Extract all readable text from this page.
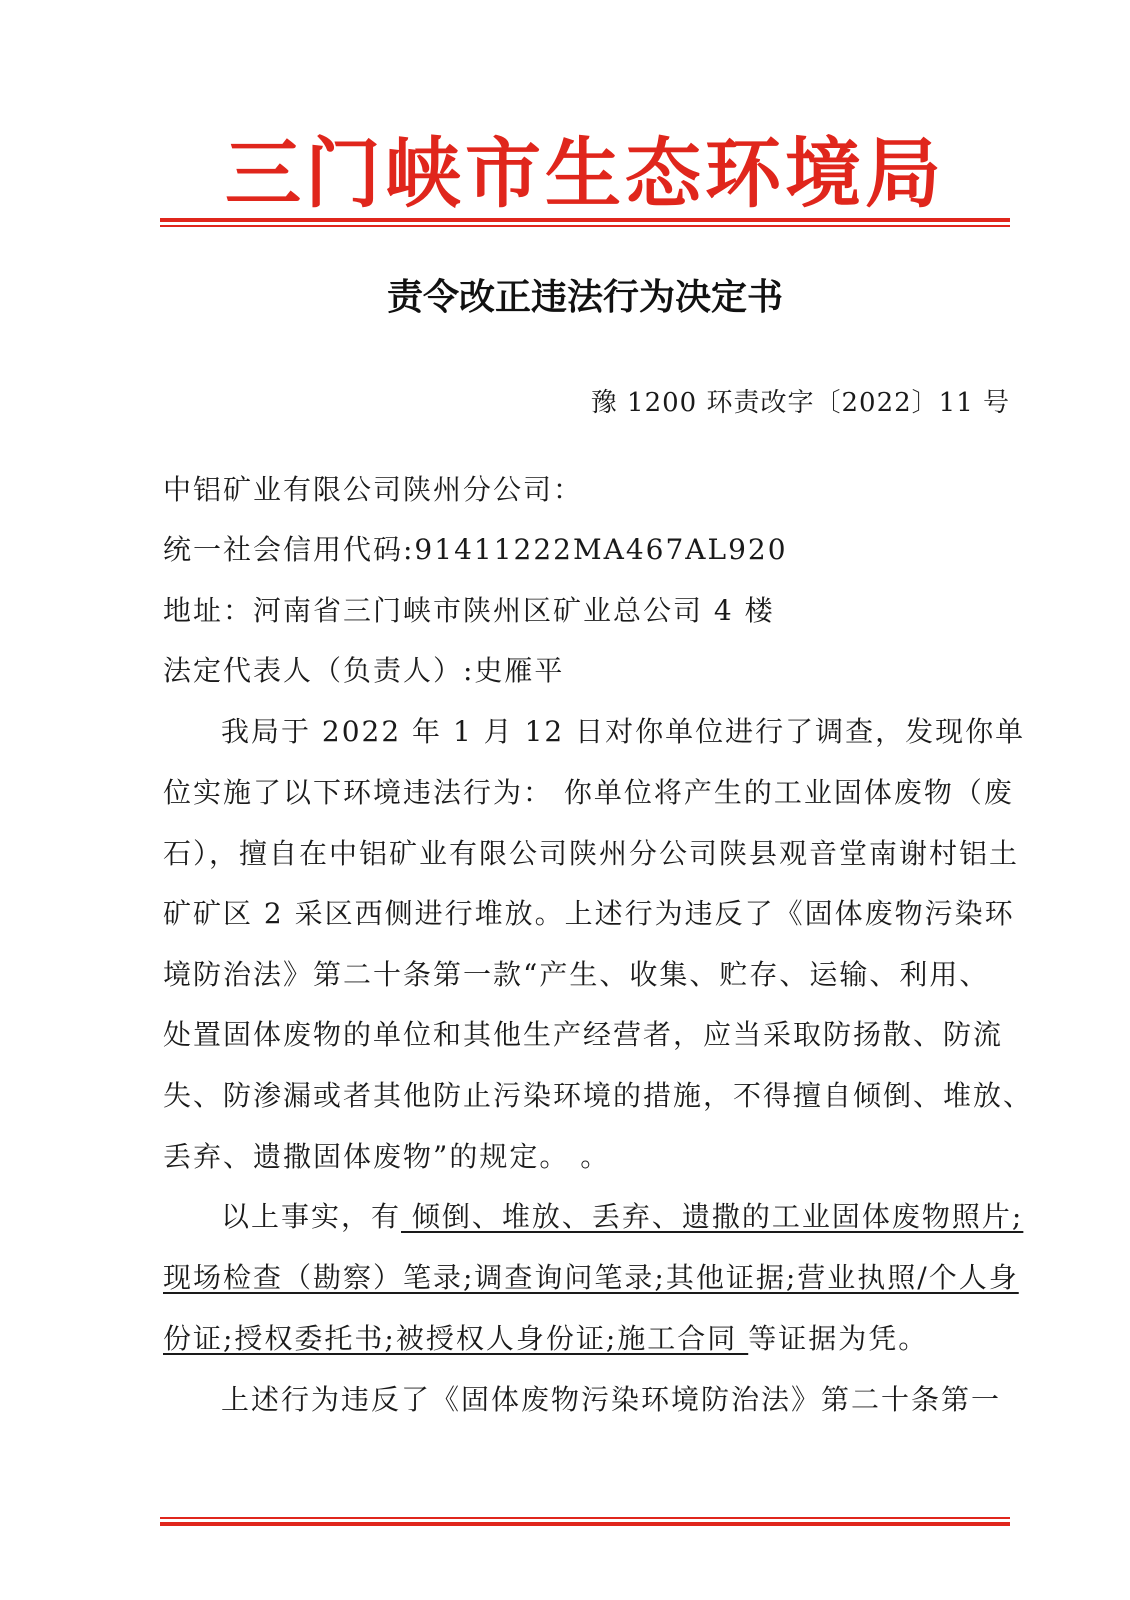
三门峡市生态环境局
责令改正违法行为决定书
豫 1200 环责改字〔2022〕11 号
中铝矿业有限公司陕州分公司：
统一社会信用代码:91411222MA467AL920
地址：河南省三门峡市陕州区矿业总公司 4 楼
法定代表人（负责人）:史雁平
我局于 2022 年 1 月 12 日对你单位进行了调查，发现你单
位实施了以下环境违法行为： 你单位将产生的工业固体废物（废
石），擅自在中铝矿业有限公司陕州分公司陕县观音堂南谢村铝土
矿矿区 2 采区西侧进行堆放。上述行为违反了《固体废物污染环
境防治法》第二十条第一款“产生、收集、贮存、运输、利用、
处置固体废物的单位和其他生产经营者，应当采取防扬散、防流
失、防渗漏或者其他防止污染环境的措施，不得擅自倾倒、堆放、
丢弃、遗撒固体废物”的规定。 。
以上事实，有 倾倒、堆放、丢弃、遗撒的工业固体废物照片;
现场检查（勘察）笔录;调查询问笔录;其他证据;营业执照/个人身
份证;授权委托书;被授权人身份证;施工合同 等证据为凭。
上述行为违反了《固体废物污染环境防治法》第二十条第一
